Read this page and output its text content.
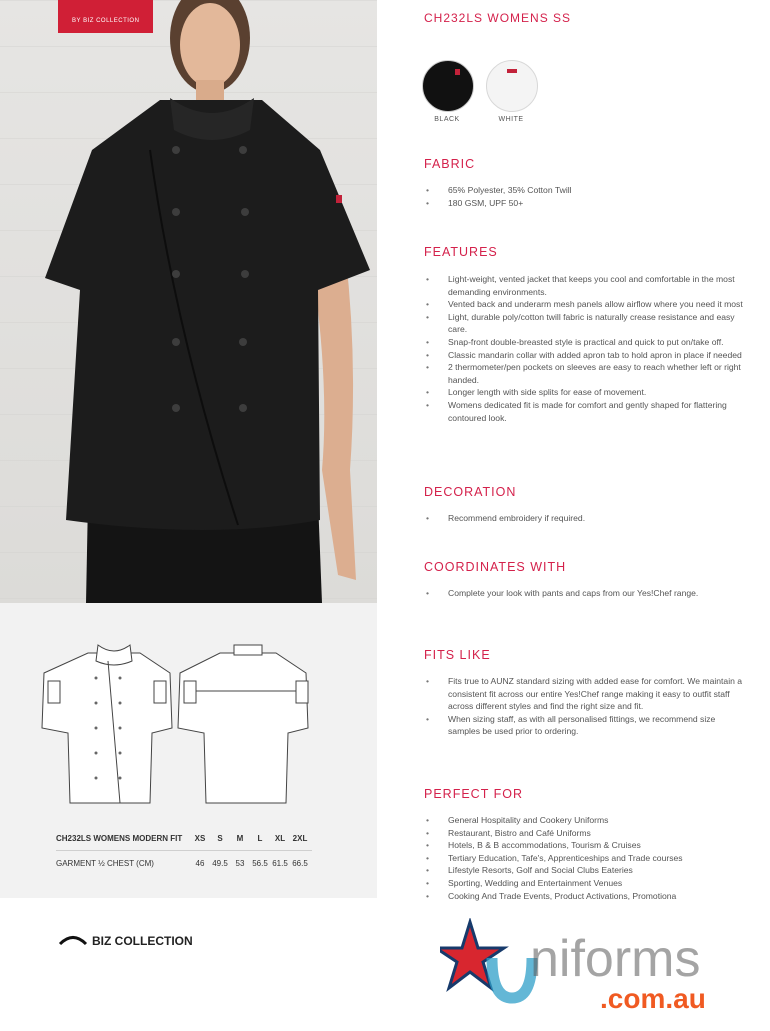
BY BIZ COLLECTION
CH232LS WOMENS MODERN FIT	XS	S	M	L	XL 2XL
GARMENT ½ CHEST (CM)	46 49.5 53 56.5 61.5 66.5
BIZ COLLECTION
CH232LS WOMENS SS
BLACK	WHITE
FABRIC
• 65% Polyester, 35% Cotton Twill
• 180 GSM, UPF 50+
FEATURES
• Light-weight, vented jacket that keeps you cool and comfortable in the most demanding environments.
• Vented back and underarm mesh panels allow airflow where you need it most
• Light, durable poly/cotton twill fabric is naturally crease resistance and easy care.
• Snap-front double-breasted style is practical and quick to put on/take off.
• Classic mandarin collar with added apron tab to hold apron in place if needed
• 2 thermometer/pen pockets on sleeves are easy to reach whether left or right handed.
• Longer length with side splits for ease of movement.
• Womens dedicated fit is made for comfort and gently shaped for flattering contoured look.
DECORATION
• Recommend embroidery if required.
COORDINATES WITH
• Complete your look with pants and caps from our Yes!Chef range.
FITS LIKE
• Fits true to AUNZ standard sizing with added ease for comfort. We maintain a consistent fit across our entire Yes!Chef range making it easy to outfit staff across different styles and find the right size and fit.
• When sizing staff, as with all personalised fittings, we recommend size samples be used prior to ordering.
PERFECT FOR
• General Hospitality and Cookery Uniforms
• Restaurant, Bistro and Café Uniforms
• Hotels, B & B accommodations, Tourism & Cruises
• Tertiary Education, Tafe's, Apprenticeships and Trade courses
• Lifestyle Resorts, Golf and Social Clubs Eateries
• Sporting, Wedding and Entertainment Venues
• Cooking And Trade Events, Product Activations, Promotiona
niforms
.com.au
